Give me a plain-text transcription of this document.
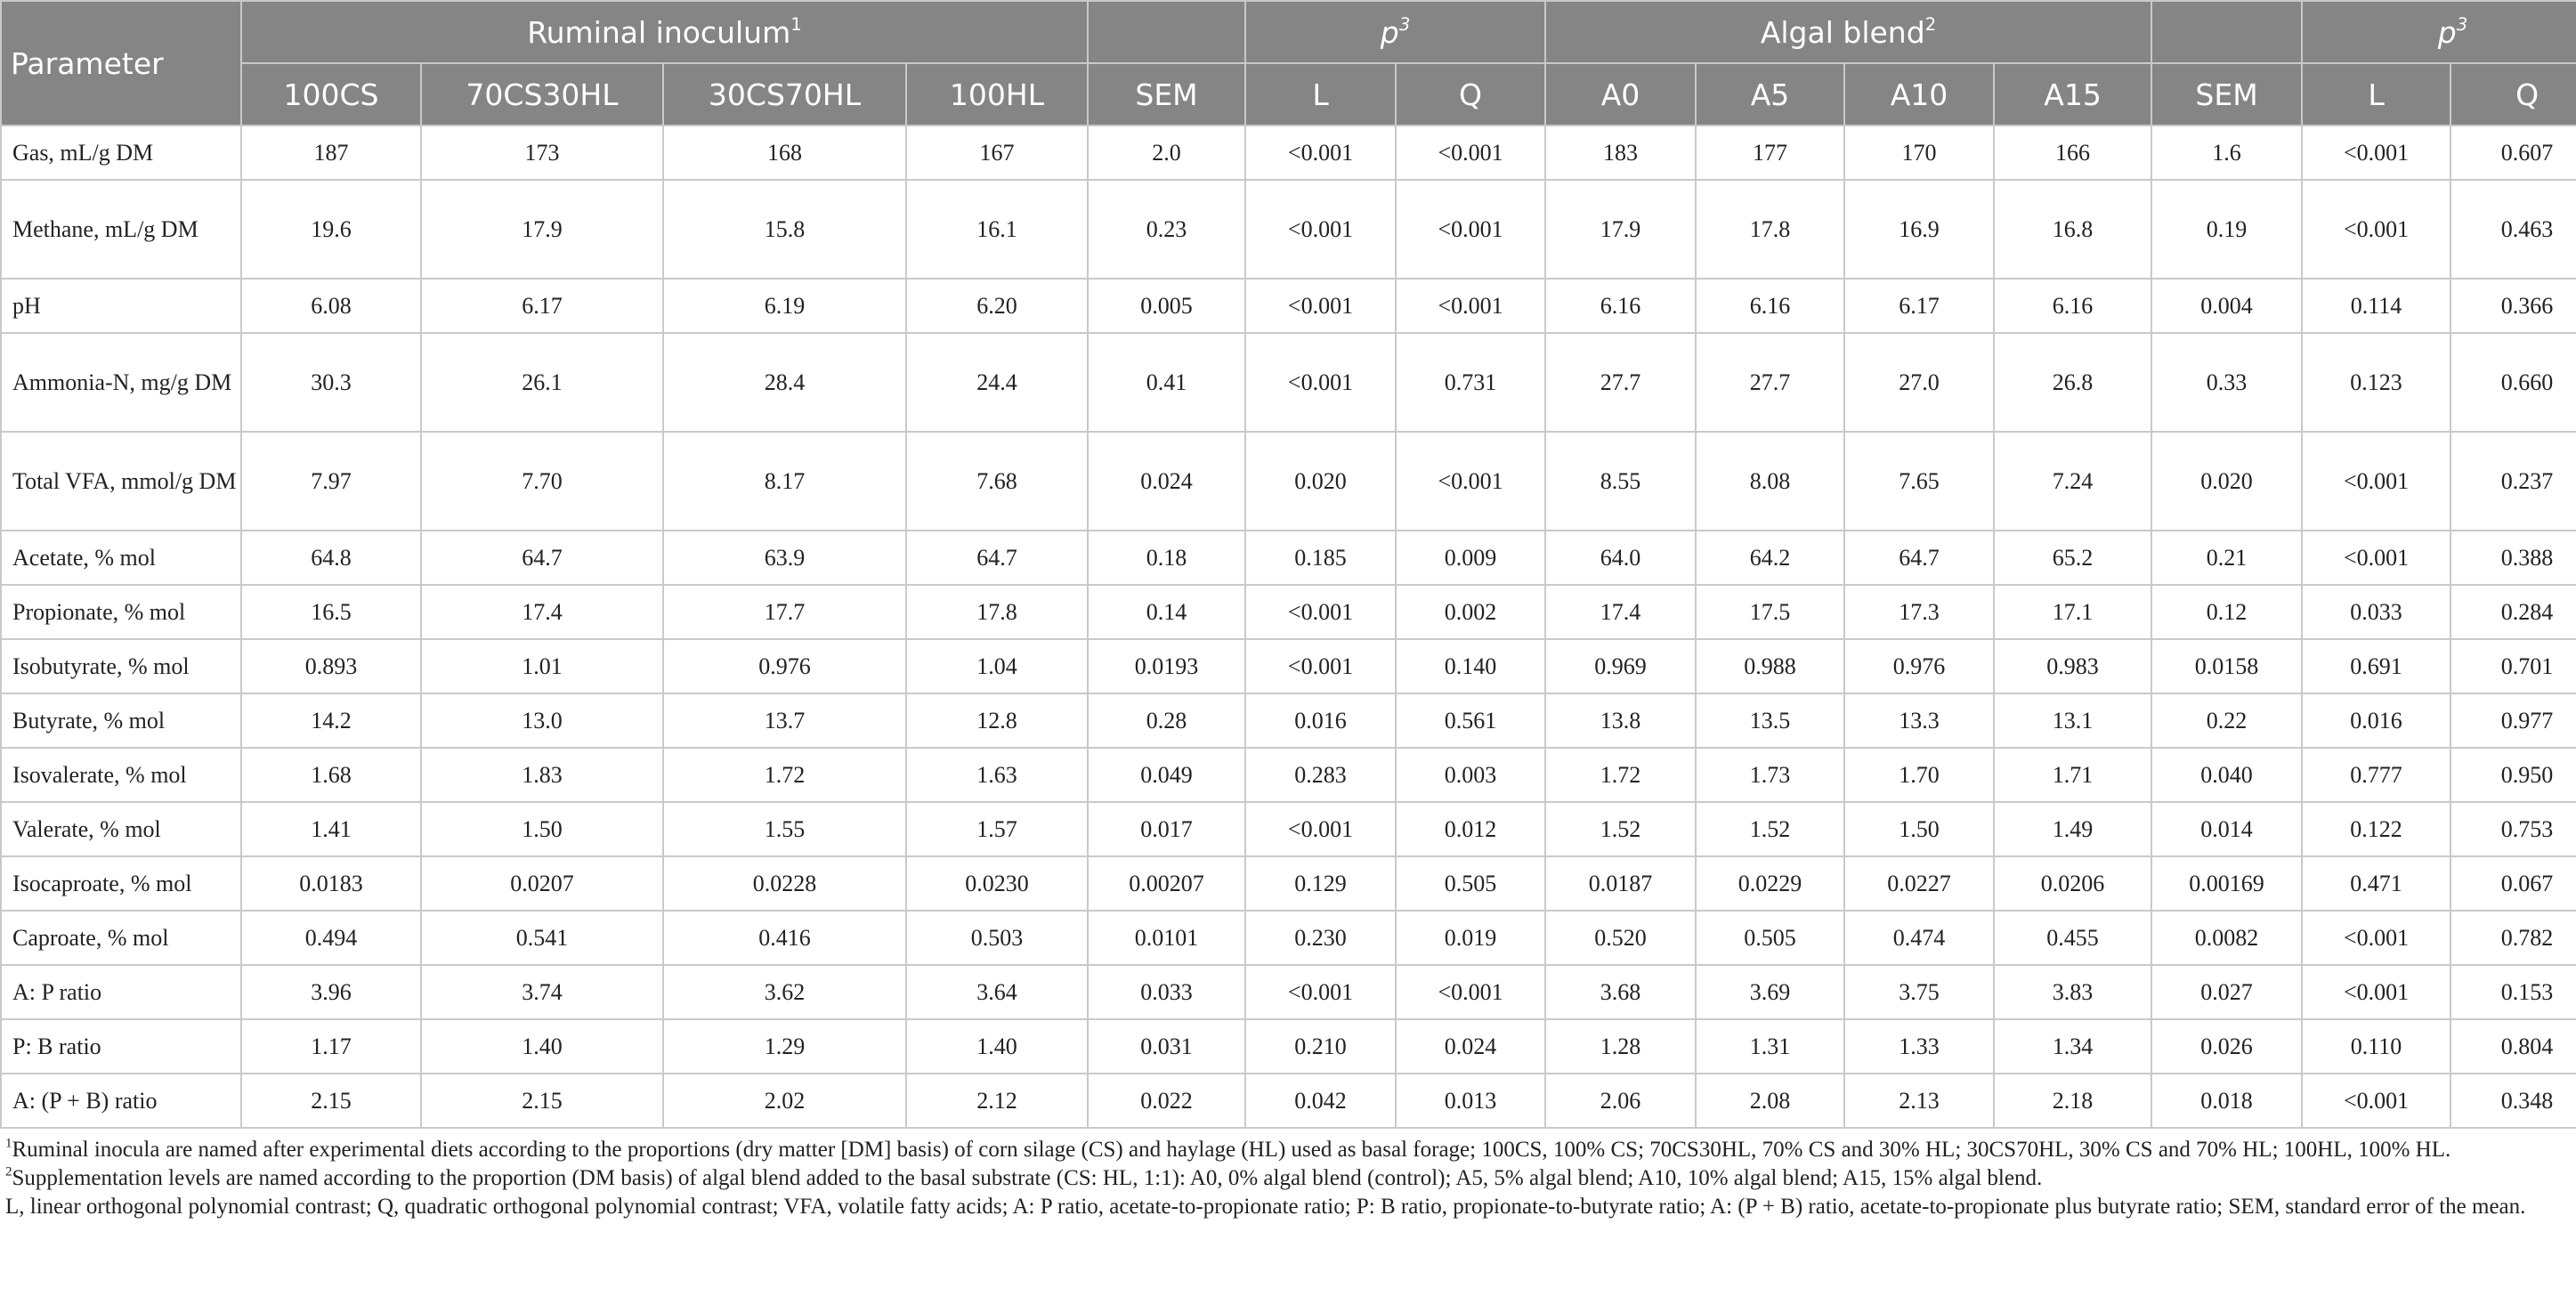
Parameter	Ruminal inoculum$^1$					$p^3$		Algal blend$^2$					$p^3$
	100CS	70CS30HL	30CS70HL	100HL	SEM	L	Q	A0	A5	A10	A15	SEM	L	Q
Gas, mL/g DM	187	173	168	167	2.0	<0.001	<0.001	183	177	170	166	1.6	<0.001	0.607
Methane, mL/g DM	19.6	17.9	15.8	16.1	0.23	<0.001	<0.001	17.9	17.8	16.9	16.8	0.19	<0.001	0.463
pH	6.08	6.17	6.19	6.20	0.005	<0.001	<0.001	6.16	6.16	6.17	6.16	0.004	0.114	0.366
Ammonia-N, mg/g DM	30.3	26.1	28.4	24.4	0.41	<0.001	0.731	27.7	27.7	27.0	26.8	0.33	0.123	0.660
Total VFA, mmol/g DM	7.97	7.70	8.17	7.68	0.024	0.020	<0.001	8.55	8.08	7.65	7.24	0.020	<0.001	0.237
Acetate, % mol	64.8	64.7	63.9	64.7	0.18	0.185	0.009	64.0	64.2	64.7	65.2	0.21	<0.001	0.388
Propionate, % mol	16.5	17.4	17.7	17.8	0.14	<0.001	0.002	17.4	17.5	17.3	17.1	0.12	0.033	0.284
Isobutyrate, % mol	0.893	1.01	0.976	1.04	0.0193	<0.001	0.140	0.969	0.988	0.976	0.983	0.0158	0.691	0.701
Butyrate, % mol	14.2	13.0	13.7	12.8	0.28	0.016	0.561	13.8	13.5	13.3	13.1	0.22	0.016	0.977
Isovalerate, % mol	1.68	1.83	1.72	1.63	0.049	0.283	0.003	1.72	1.73	1.70	1.71	0.040	0.777	0.950
Valerate, % mol	1.41	1.50	1.55	1.57	0.017	<0.001	0.012	1.52	1.52	1.50	1.49	0.014	0.122	0.753
Isocaproate, % mol	0.0183	0.0207	0.0228	0.0230	0.00207	0.129	0.505	0.0187	0.0229	0.0227	0.0206	0.00169	0.471	0.067
Caproate, % mol	0.494	0.541	0.416	0.503	0.0101	0.230	0.019	0.520	0.505	0.474	0.455	0.0082	<0.001	0.782
A: P ratio	3.96	3.74	3.62	3.64	0.033	<0.001	<0.001	3.68	3.69	3.75	3.83	0.027	<0.001	0.153
P: B ratio	1.17	1.40	1.29	1.40	0.031	0.210	0.024	1.28	1.31	1.33	1.34	0.026	0.110	0.804
A: (P + B) ratio	2.15	2.15	2.02	2.12	0.022	0.042	0.013	2.06	2.08	2.13	2.18	0.018	<0.001	0.348

$^1$Ruminal inocula are named after experimental diets according to the proportions (dry matter [DM] basis) of corn silage (CS) and haylage (HL) used as basal forage; 100CS, 100% CS; 70CS30HL, 70% CS and 30% HL; 30CS70HL, 30% CS and 70% HL; 100HL, 100% HL.

$^2$Supplementation levels are named according to the proportion (DM basis) of algal blend added to the basal substrate (CS: HL, 1:1): A0, 0% algal blend (control); A5, 5% algal blend; A10, 10% algal blend; A15, 15% algal blend.

L, linear orthogonal polynomial contrast; Q, quadratic orthogonal polynomial contrast; VFA, volatile fatty acids; A: P ratio, acetate-to-propionate ratio; P: B ratio, propionate-to-butyrate ratio; A: (P + B) ratio, acetate-to-propionate plus butyrate ratio; SEM, standard error of the mean.
